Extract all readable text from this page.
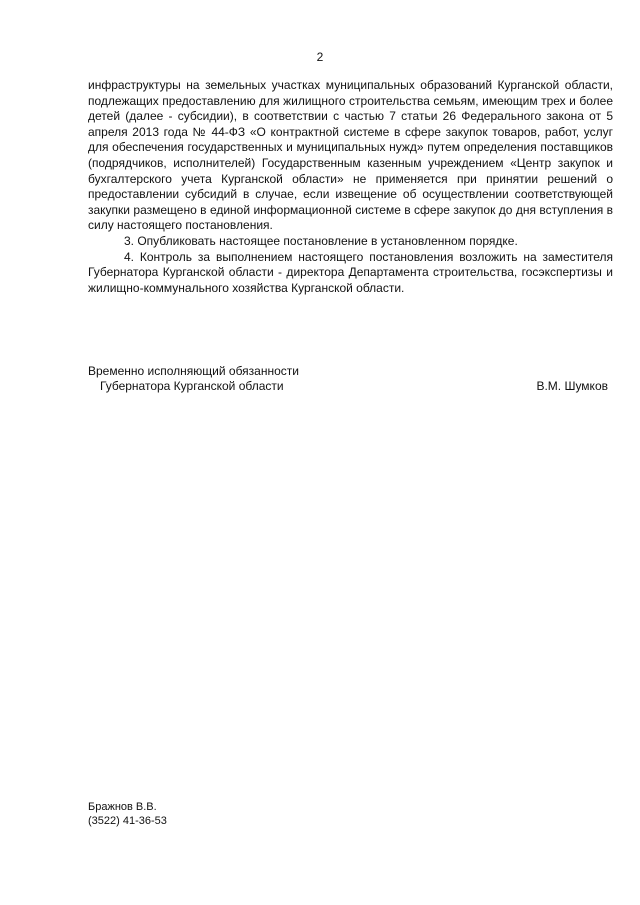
2

инфраструктуры на земельных участках муниципальных образований Курганской области, подлежащих предоставлению для жилищного строительства семьям, имеющим трех и более детей (далее - субсидии), в соответствии с частью 7 статьи 26 Федерального закона от 5 апреля 2013 года № 44-ФЗ «О контрактной системе в сфере закупок товаров, работ, услуг для обеспечения государственных и муниципальных нужд» путем определения поставщиков (подрядчиков, исполнителей) Государственным казенным учреждением «Центр закупок и бухгалтерского учета Курганской области» не применяется при принятии решений о предоставлении субсидий в случае, если извещение об осуществлении соответствующей закупки размещено в единой информационной системе в сфере закупок до дня вступления в силу настоящего постановления.

3. Опубликовать настоящее постановление в установленном порядке.

4. Контроль за выполнением настоящего постановления возложить на заместителя Губернатора Курганской области - директора Департамента строительства, госэкспертизы и жилищно-коммунального хозяйства Курганской области.

Временно исполняющий обязанности
Губернатора Курганской области	В.М. Шумков
Бражнов В.В.
(3522) 41-36-53
